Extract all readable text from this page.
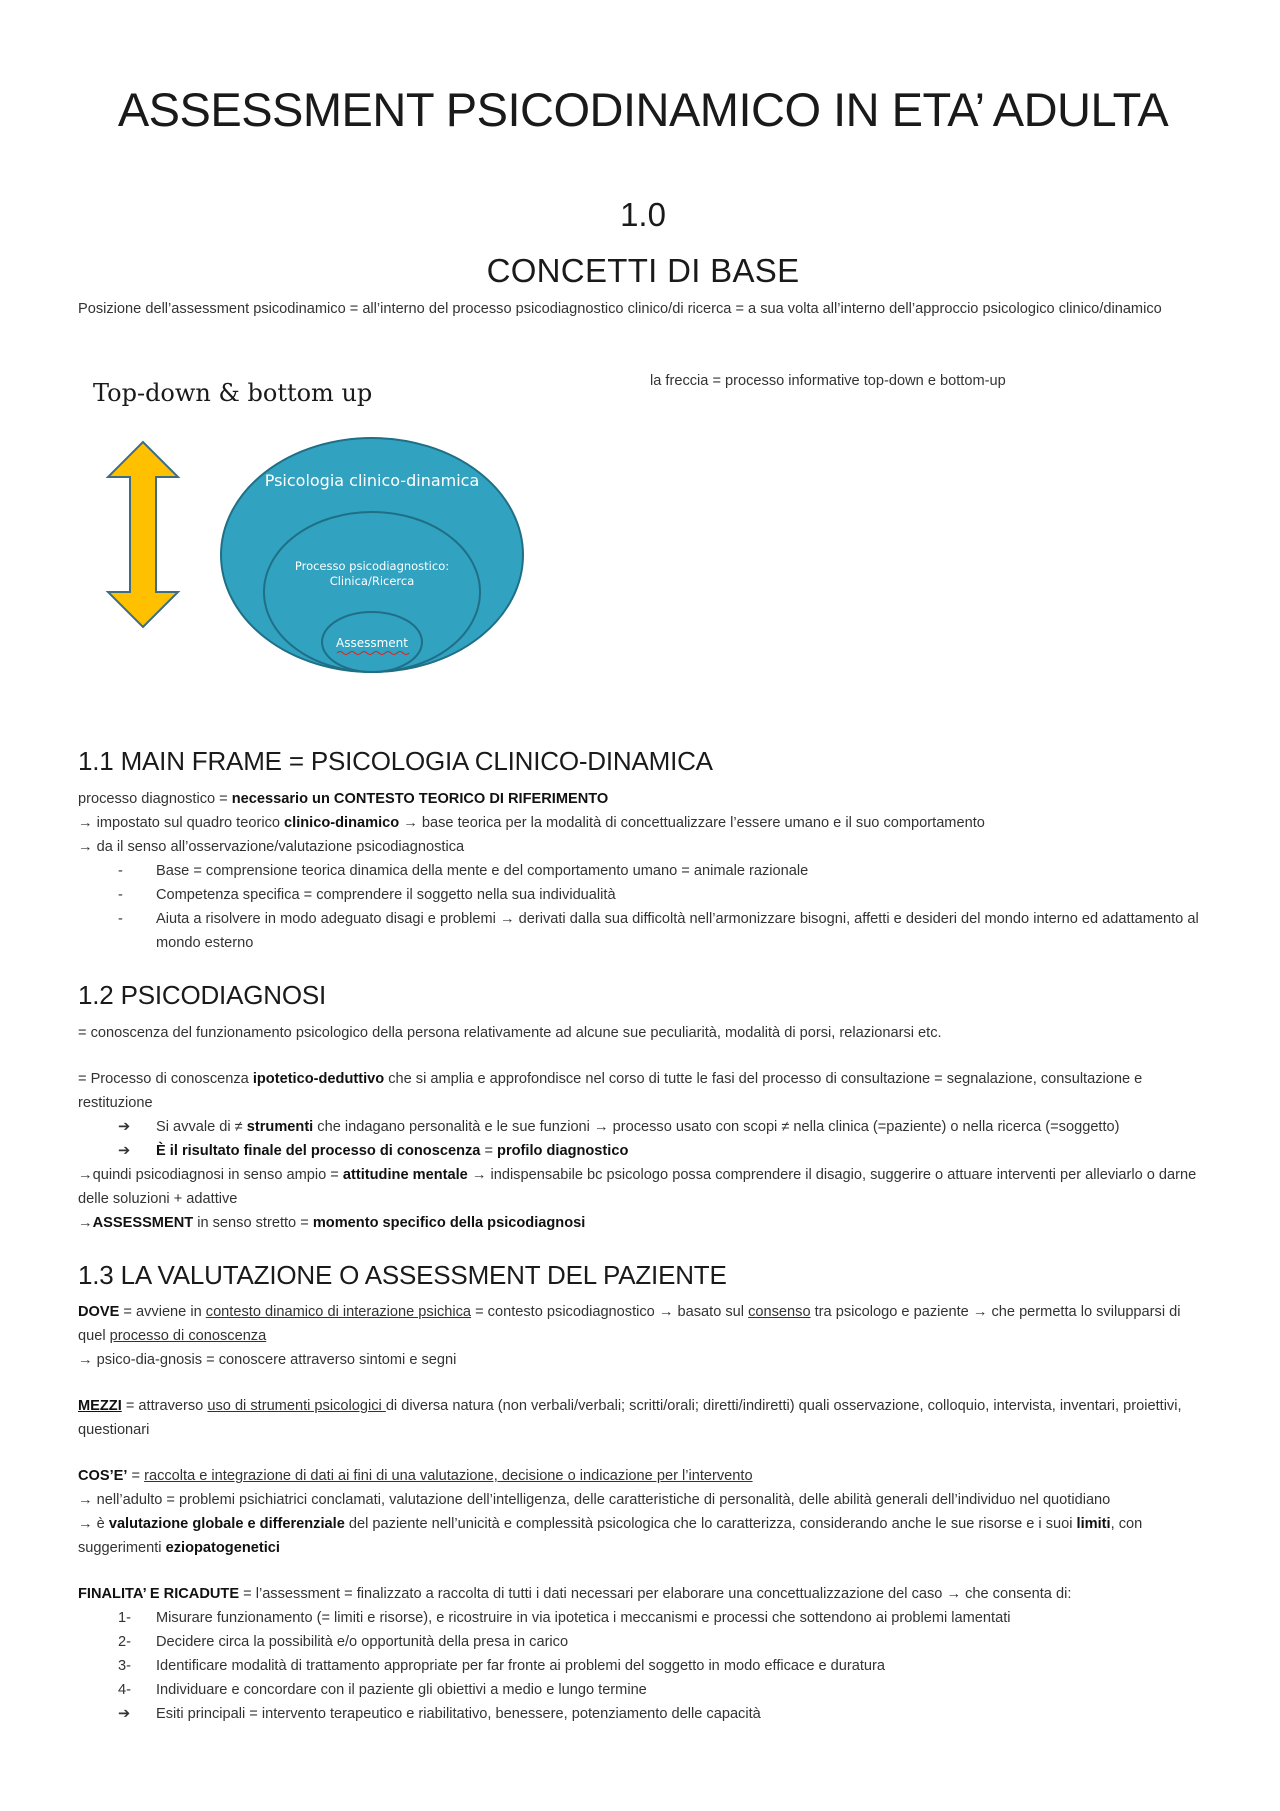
ASSESSMENT PSICODINAMICO IN ETA’ ADULTA
1.0
CONCETTI DI BASE
Posizione dell’assessment psicodinamico = all’interno del processo psicodiagnostico clinico/di ricerca = a sua volta all’interno dell’approccio psicologico clinico/dinamico
Top-down & bottom up
Psicologia clinico-dinamica
Processo psicodiagnostico:
Clinica/Ricerca
Assessment
la freccia = processo informative top-down e bottom-up
1.1 MAIN FRAME = PSICOLOGIA CLINICO-DINAMICA
processo diagnostico = necessario un CONTESTO TEORICO DI RIFERIMENTO
→ impostato sul quadro teorico clinico-dinamico → base teorica per la modalità di concettualizzare l’essere umano e il suo comportamento
→ da il senso all’osservazione/valutazione psicodiagnostica
- Base = comprensione teorica dinamica della mente e del comportamento umano = animale razionale
- Competenza specifica = comprendere il soggetto nella sua individualità
- Aiuta a risolvere in modo adeguato disagi e problemi → derivati dalla sua difficoltà nell’armonizzare bisogni, affetti e desideri del mondo interno ed adattamento al mondo esterno
1.2 PSICODIAGNOSI
= conoscenza del funzionamento psicologico della persona relativamente ad alcune sue peculiarità, modalità di porsi, relazionarsi etc.
= Processo di conoscenza ipotetico-deduttivo che si amplia e approfondisce nel corso di tutte le fasi del processo di consultazione = segnalazione, consultazione e restituzione
➔ Si avvale di ≠ strumenti che indagano personalità e le sue funzioni → processo usato con scopi ≠ nella clinica (=paziente) o nella ricerca (=soggetto)
➔ È il risultato finale del processo di conoscenza = profilo diagnostico
→quindi psicodiagnosi in senso ampio = attitudine mentale → indispensabile bc psicologo possa comprendere il disagio, suggerire o attuare interventi per alleviarlo o darne delle soluzioni + adattive
→ASSESSMENT in senso stretto = momento specifico della psicodiagnosi
1.3 LA VALUTAZIONE O ASSESSMENT DEL PAZIENTE
DOVE = avviene in contesto dinamico di interazione psichica = contesto psicodiagnostico → basato sul consenso tra psicologo e paziente → che permetta lo svilupparsi di quel processo di conoscenza
→ psico-dia-gnosis = conoscere attraverso sintomi e segni
MEZZI = attraverso uso di strumenti psicologici di diversa natura (non verbali/verbali; scritti/orali; diretti/indiretti) quali osservazione, colloquio, intervista, inventari, proiettivi, questionari
COS’E’ = raccolta e integrazione di dati ai fini di una valutazione, decisione o indicazione per l’intervento
→ nell’adulto = problemi psichiatrici conclamati, valutazione dell’intelligenza, delle caratteristiche di personalità, delle abilità generali dell’individuo nel quotidiano
→ è valutazione globale e differenziale del paziente nell’unicità e complessità psicologica che lo caratterizza, considerando anche le sue risorse e i suoi limiti, con suggerimenti eziopatogenetici
FINALITA’ E RICADUTE = l’assessment = finalizzato a raccolta di tutti i dati necessari per elaborare una concettualizzazione del caso → che consenta di:
1- Misurare funzionamento (= limiti e risorse), e ricostruire in via ipotetica i meccanismi e processi che sottendono ai problemi lamentati
2- Decidere circa la possibilità e/o opportunità della presa in carico
3- Identificare modalità di trattamento appropriate per far fronte ai problemi del soggetto in modo efficace e duratura
4- Individuare e concordare con il paziente gli obiettivi a medio e lungo termine
➔ Esiti principali = intervento terapeutico e riabilitativo, benessere, potenziamento delle capacità
